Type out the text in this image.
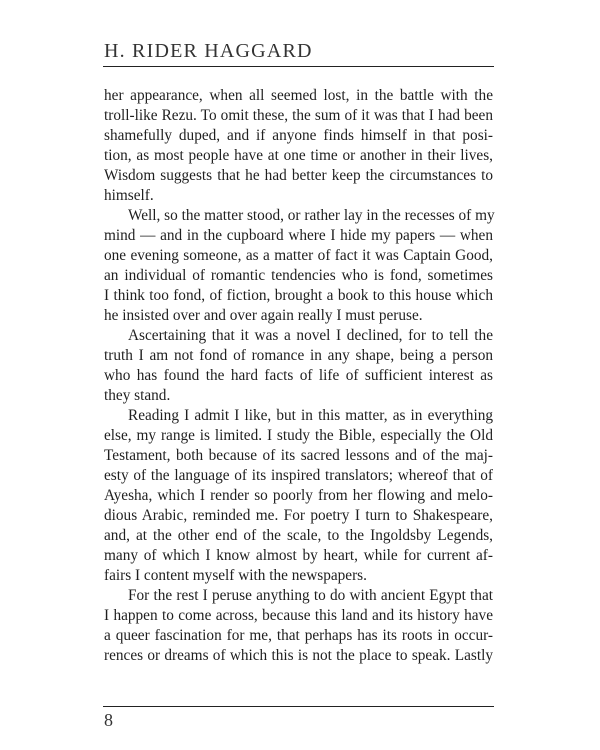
H. RIDER HAGGARD
her appearance, when all seemed lost, in the battle with the
troll-like Rezu. To omit these, the sum of it was that I had been
shamefully duped, and if anyone finds himself in that posi-
tion, as most people have at one time or another in their lives,
Wisdom suggests that he had better keep the circumstances to
himself.
Well, so the matter stood, or rather lay in the recesses of my
mind — and in the cupboard where I hide my papers — when
one evening someone, as a matter of fact it was Captain Good,
an individual of romantic tendencies who is fond, sometimes
I think too fond, of fiction, brought a book to this house which
he insisted over and over again really I must peruse.
Ascertaining that it was a novel I declined, for to tell the
truth I am not fond of romance in any shape, being a person
who has found the hard facts of life of sufficient interest as
they stand.
Reading I admit I like, but in this matter, as in everything
else, my range is limited. I study the Bible, especially the Old
Testament, both because of its sacred lessons and of the maj-
esty of the language of its inspired translators; whereof that of
Ayesha, which I render so poorly from her flowing and melo-
dious Arabic, reminded me. For poetry I turn to Shakespeare,
and, at the other end of the scale, to the Ingoldsby Legends,
many of which I know almost by heart, while for current af-
fairs I content myself with the newspapers.
For the rest I peruse anything to do with ancient Egypt that
I happen to come across, because this land and its history have
a queer fascination for me, that perhaps has its roots in occur-
rences or dreams of which this is not the place to speak. Lastly
8
